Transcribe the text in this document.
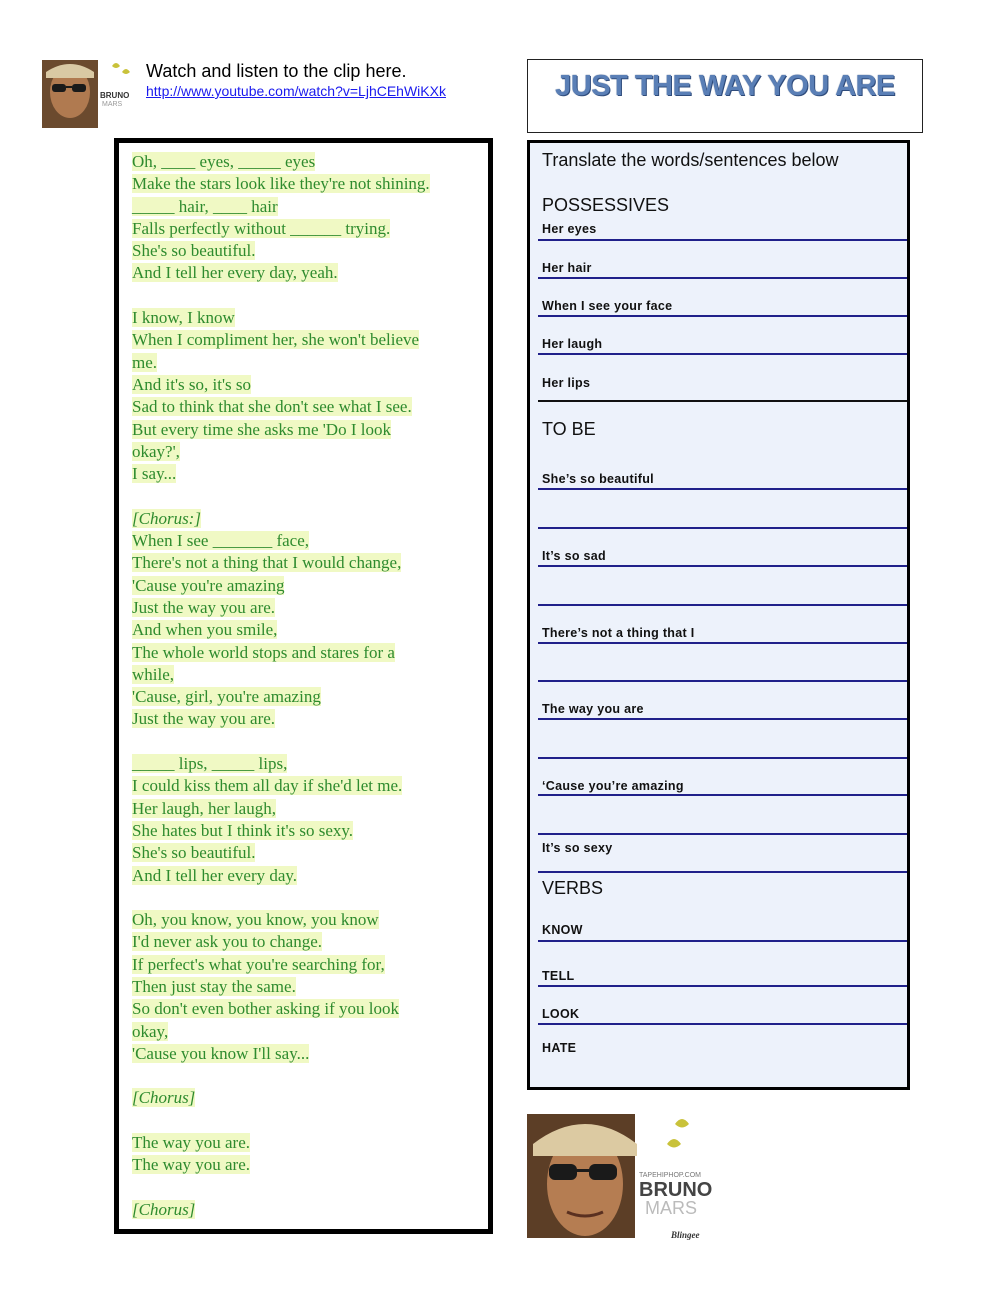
BRUNO
MARS
Watch and listen to the clip here.
http://www.youtube.com/watch?v=LjhCEhWiKXk	JUST THE WAY YOU ARE
Oh, ____ eyes, _____ eyes
Make the stars look like they're not shining.
_____ hair, ____ hair
Falls perfectly without ______ trying.
She's so beautiful.
And I tell her every day, yeah.
I know, I know
When I compliment her, she won't believe
me.
And it's so, it's so
Sad to think that she don't see what I see.
But every time she asks me 'Do I look
okay?',
I say...
[Chorus:]
When I see _______ face,
There's not a thing that I would change,
'Cause you're amazing
Just the way you are.
And when you smile,
The whole world stops and stares for a
while,
'Cause, girl, you're amazing
Just the way you are.
_____ lips, _____ lips,
I could kiss them all day if she'd let me.
Her laugh, her laugh,
She hates but I think it's so sexy.
She's so beautiful.
And I tell her every day.
Oh, you know, you know, you know
I'd never ask you to change.
If perfect's what you're searching for,
Then just stay the same.
So don't even bother asking if you look
okay,
'Cause you know I'll say...
[Chorus]
The way you are.
The way you are.
[Chorus]
Translate the words/sentences below
POSSESSIVES
Her eyes
Her hair
When I see your face
Her laugh
Her lips
TO BE
She’s so beautiful
It’s so sad
There’s not a thing that I
The way you are
‘Cause you’re amazing
It’s so sexy
VERBS
KNOW
TELL
LOOK
HATE
TAPEHIPHOP.COM
BRUNO
MARS
Blingee
